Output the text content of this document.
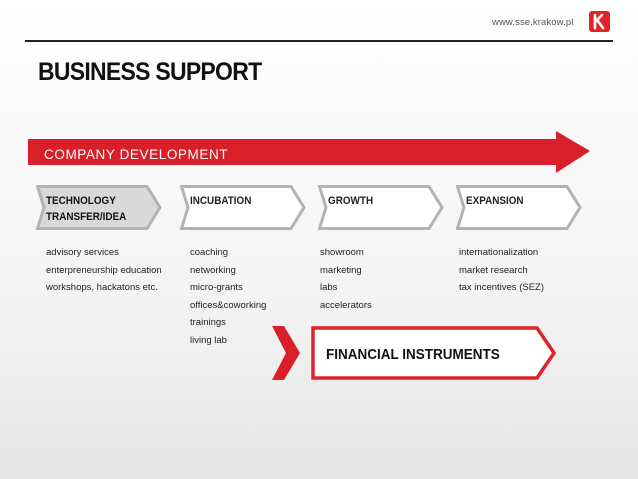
www.sse.krakow.pl
BUSINESS SUPPORT
COMPANY DEVELOPMENT
TECHNOLOGY
TRANSFER/IDEA
INCUBATION	GROWTH	EXPANSION
advisory services
enterpreneurship education
workshops, hackatons etc.
coaching
networking
micro-grants
offices&coworking
trainings
living lab
showroom
marketing
labs
accelerators
internationalization
market research
tax incentives (SEZ)
FINANCIAL INSTRUMENTS
